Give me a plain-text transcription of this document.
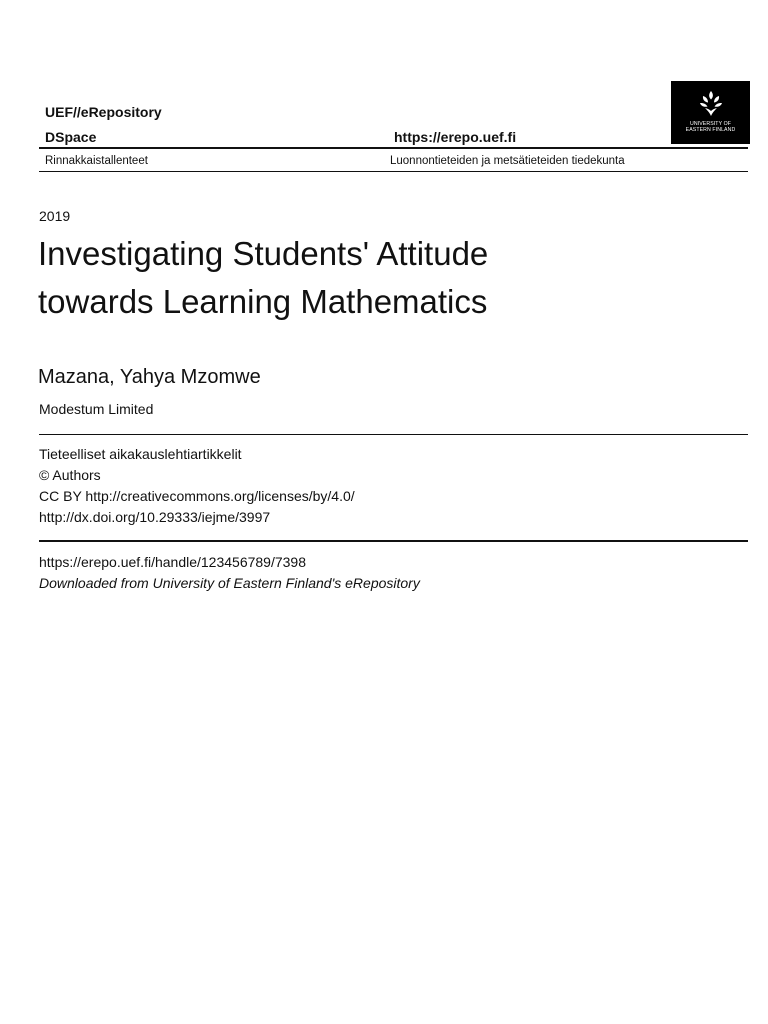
UEF//eRepository
DSpace	https://erepo.uef.fi
UNIVERSITY OF
EASTERN FINLAND
Rinnakkaistallenteet	Luonnontieteiden ja metsätieteiden tiedekunta
2019
Investigating Students' Attitude
towards Learning Mathematics
Mazana, Yahya Mzomwe
Modestum Limited
Tieteelliset aikakauslehtiartikkelit
© Authors
CC BY http://creativecommons.org/licenses/by/4.0/
http://dx.doi.org/10.29333/iejme/3997
https://erepo.uef.fi/handle/123456789/7398
Downloaded from University of Eastern Finland's eRepository
